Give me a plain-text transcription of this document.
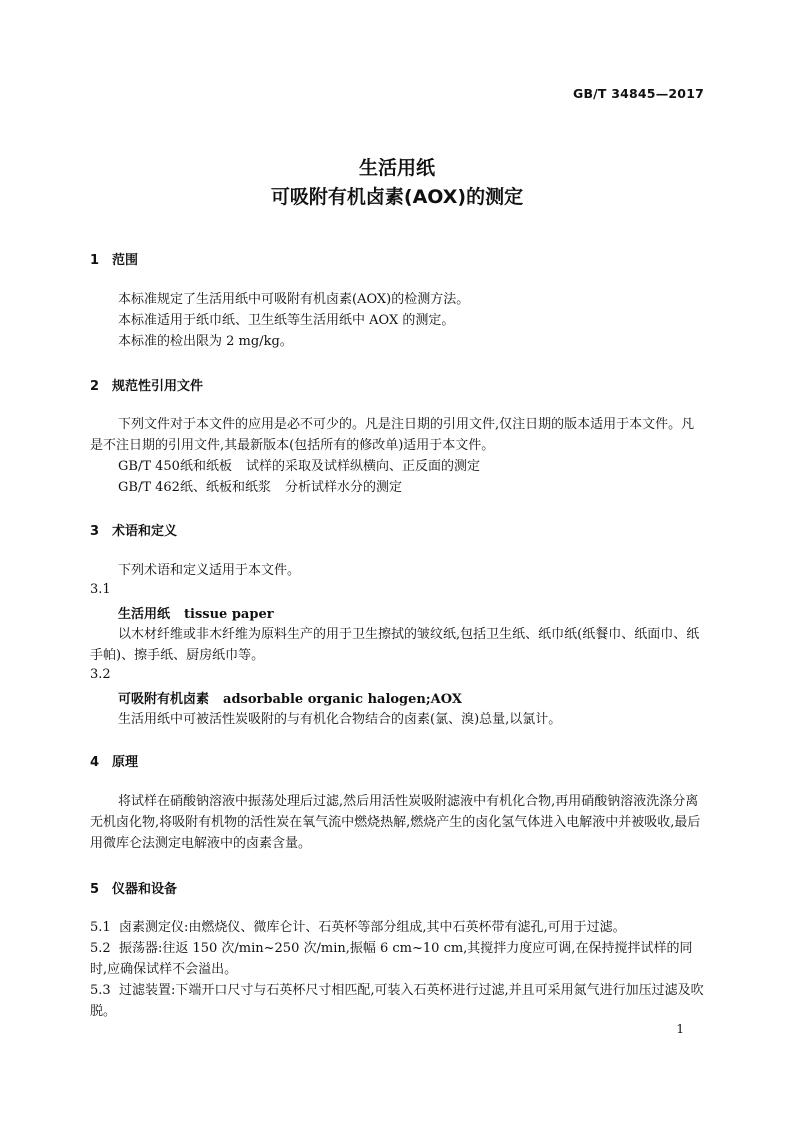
GB/T 34845—2017
生活用纸
可吸附有机卤素(AOX)的测定
1 范围
本标准规定了生活用纸中可吸附有机卤素(AOX)的检测方法。
本标准适用于纸巾纸、卫生纸等生活用纸中 AOX 的测定。
本标准的检出限为 2 mg/kg。
2 规范性引用文件
下列文件对于本文件的应用是必不可少的。凡是注日期的引用文件,仅注日期的版本适用于本文件。凡是不注日期的引用文件,其最新版本(包括所有的修改单)适用于本文件。
GB/T 450纸和纸板 试样的采取及试样纵横向、正反面的测定
GB/T 462纸、纸板和纸浆 分析试样水分的测定
3 术语和定义
下列术语和定义适用于本文件。
3.1
生活用纸 tissue paper
以木材纤维或非木纤维为原料生产的用于卫生擦拭的皱纹纸,包括卫生纸、纸巾纸(纸餐巾、纸面巾、纸手帕)、擦手纸、厨房纸巾等。
3.2
可吸附有机卤素 adsorbable organic halogen;AOX
生活用纸中可被活性炭吸附的与有机化合物结合的卤素(氯、溴)总量,以氯计。
4 原理
将试样在硝酸钠溶液中振荡处理后过滤,然后用活性炭吸附滤液中有机化合物,再用硝酸钠溶液洗涤分离无机卤化物,将吸附有机物的活性炭在氧气流中燃烧热解,燃烧产生的卤化氢气体进入电解液中并被吸收,最后用微库仑法测定电解液中的卤素含量。
5 仪器和设备
5.1 卤素测定仪:由燃烧仪、微库仑计、石英杯等部分组成,其中石英杯带有滤孔,可用于过滤。
5.2 振荡器:往返 150 次/min~250 次/min,振幅 6 cm~10 cm,其搅拌力度应可调,在保持搅拌试样的同时,应确保试样不会溢出。
5.3 过滤装置:下端开口尺寸与石英杯尺寸相匹配,可装入石英杯进行过滤,并且可采用氮气进行加压过滤及吹脱。
1
